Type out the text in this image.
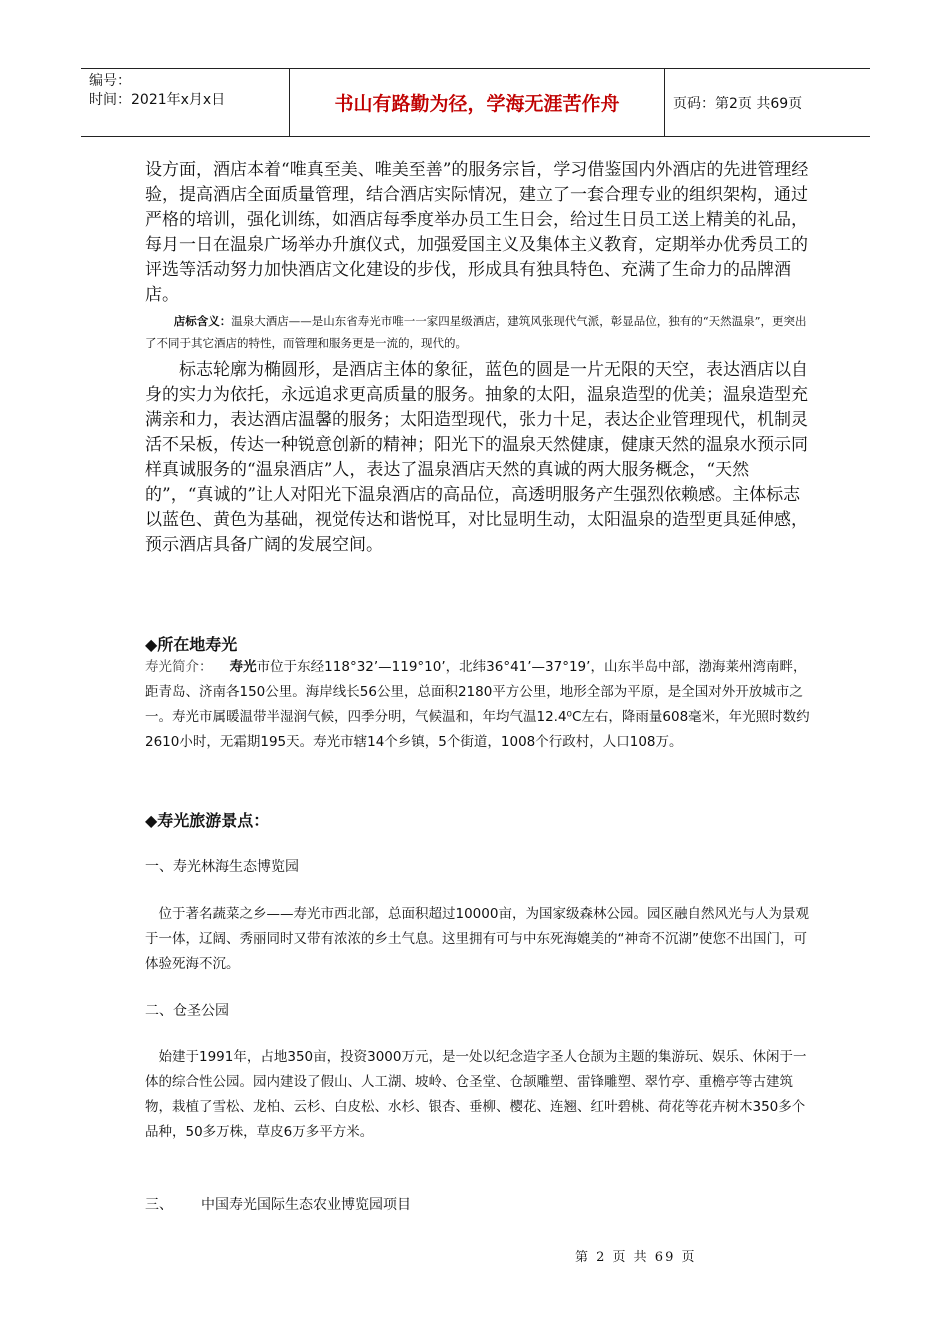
编号：
时间：2021年x月x日	书山有路勤为径，学海无涯苦作舟	页码：第2页 共69页
设方面，酒店本着“唯真至美、唯美至善”的服务宗旨，学习借鉴国内外酒店的先进管理经验，提高酒店全面质量管理，结合酒店实际情况，建立了一套合理专业的组织架构，通过严格的培训，强化训练，如酒店每季度举办员工生日会，给过生日员工送上精美的礼品，每月一日在温泉广场举办升旗仪式，加强爱国主义及集体主义教育，定期举办优秀员工的评选等活动努力加快酒店文化建设的步伐，形成具有独具特色、充满了生命力的品牌酒店。
店标含义：温泉大酒店——是山东省寿光市唯一一家四星级酒店，建筑风张现代气派，彰显品位，独有的“天然温泉”，更突出了不同于其它酒店的特性，而管理和服务更是一流的，现代的。
标志轮廓为椭圆形，是酒店主体的象征，蓝色的圆是一片无限的天空，表达酒店以自身的实力为依托，永远追求更高质量的服务。抽象的太阳，温泉造型的优美；温泉造型充满亲和力，表达酒店温馨的服务；太阳造型现代，张力十足，表达企业管理现代，机制灵活不呆板，传达一种锐意创新的精神；阳光下的温泉天然健康，健康天然的温泉水预示同样真诚服务的“温泉酒店”人，表达了温泉酒店天然的真诚的两大服务概念，“天然的”，“真诚的”让人对阳光下温泉酒店的高品位，高透明服务产生强烈依赖感。主体标志以蓝色、黄色为基础，视觉传达和谐悦耳，对比显明生动，太阳温泉的造型更具延伸感，预示酒店具备广阔的发展空间。
◆所在地寿光
寿光简介： 寿光市位于东经118°32’—119°10’，北纬36°41’—37°19’，山东半岛中部，渤海莱州湾南畔，距青岛、济南各150公里。海岸线长56公里，总面积2180平方公里，地形全部为平原，是全国对外开放城市之一。寿光市属暖温带半湿润气候，四季分明，气候温和，年均气温12.4⁰C左右，降雨量608毫米，年光照时数约2610小时，无霜期195天。寿光市辖14个乡镇，5个街道，1008个行政村，人口108万。
◆寿光旅游景点：
一、寿光林海生态博览园
位于著名蔬菜之乡——寿光市西北部，总面积超过10000亩，为国家级森林公园。园区融自然风光与人为景观于一体，辽阔、秀丽同时又带有浓浓的乡土气息。这里拥有可与中东死海媲美的“神奇不沉湖”使您不出国门，可体验死海不沉。
二、仓圣公园
始建于1991年，占地350亩，投资3000万元，是一处以纪念造字圣人仓颉为主题的集游玩、娱乐、休闲于一体的综合性公园。园内建设了假山、人工湖、坡岭、仓圣堂、仓颉雕塑、雷锋雕塑、翠竹亭、重檐亭等古建筑物，栽植了雪松、龙柏、云杉、白皮松、水杉、银杏、垂柳、樱花、连翘、红叶碧桃、荷花等花卉树木350多个品种，50多万株，草皮6万多平方米。
三、 中国寿光国际生态农业博览园项目
第 2 页 共 69 页
